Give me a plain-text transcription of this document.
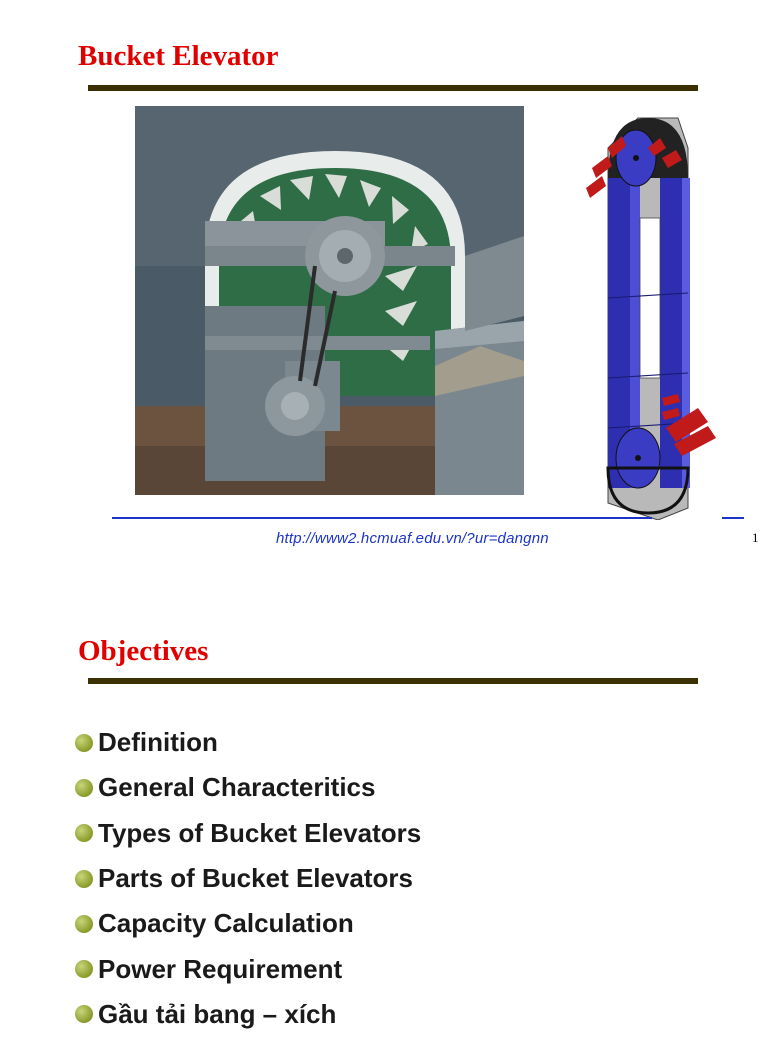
Bucket Elevator
http://www2.hcmuaf.edu.vn/?ur=dangnn	1
Objectives
Definition
General Characteritics
Types of Bucket Elevators
Parts of Bucket Elevators
Capacity Calculation
Power Requirement
Gầu tải bang – xích
